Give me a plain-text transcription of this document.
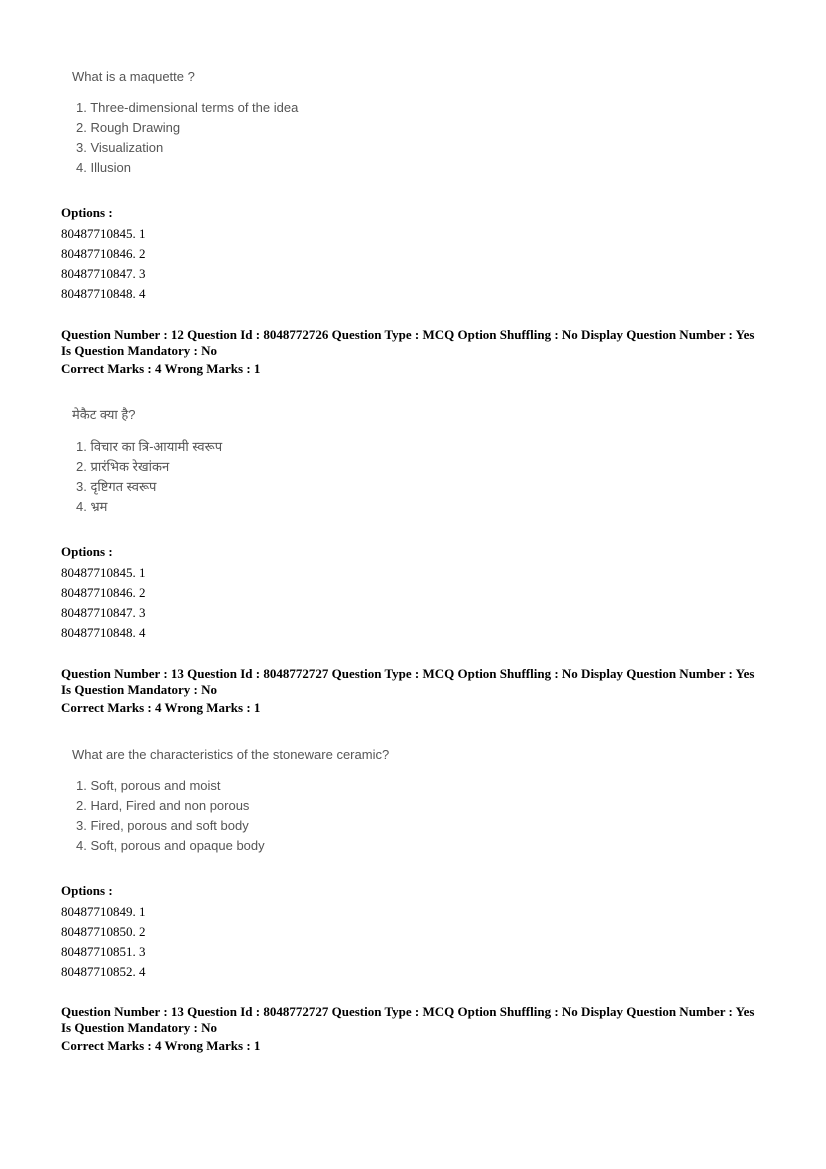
What is a maquette ?
1. Three-dimensional terms of the idea
2. Rough Drawing
3. Visualization
4. Illusion
Options :
80487710845. 1
80487710846. 2
80487710847. 3
80487710848. 4
Question Number : 12 Question Id : 8048772726 Question Type : MCQ Option Shuffling : No Display Question Number : Yes
Is Question Mandatory : No
Correct Marks : 4 Wrong Marks : 1
मेकैट क्या है?
1. विचार का त्रि-आयामी स्वरूप
2. प्रारंभिक रेखांकन
3. दृष्टिगत स्वरूप
4. भ्रम
Options :
80487710845. 1
80487710846. 2
80487710847. 3
80487710848. 4
Question Number : 13 Question Id : 8048772727 Question Type : MCQ Option Shuffling : No Display Question Number : Yes
Is Question Mandatory : No
Correct Marks : 4 Wrong Marks : 1
What are the characteristics of the stoneware ceramic?
1. Soft, porous and moist
2. Hard, Fired and non porous
3. Fired, porous and soft body
4. Soft, porous and opaque body
Options :
80487710849. 1
80487710850. 2
80487710851. 3
80487710852. 4
Question Number : 13 Question Id : 8048772727 Question Type : MCQ Option Shuffling : No Display Question Number : Yes
Is Question Mandatory : No
Correct Marks : 4 Wrong Marks : 1
